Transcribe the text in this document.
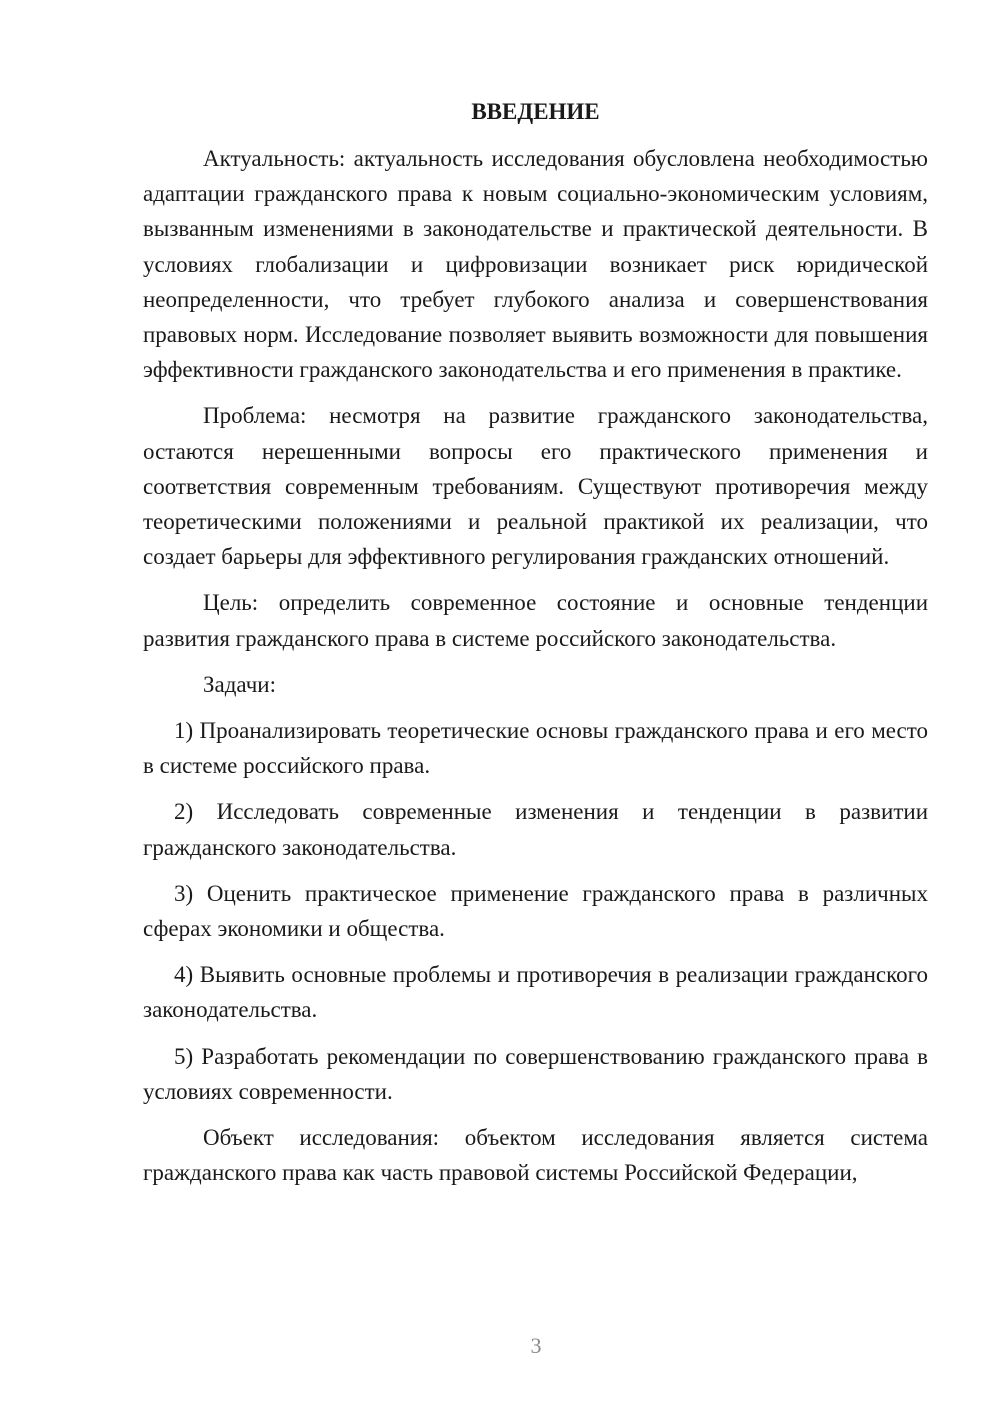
ВВЕДЕНИЕ

Актуальность: актуальность исследования обусловлена необходимостью адаптации гражданского права к новым социально-экономическим условиям, вызванным изменениями в законодательстве и практической деятельности. В условиях глобализации и цифровизации возникает риск юридической неопределенности, что требует глубокого анализа и совершенствования правовых норм. Исследование позволяет выявить возможности для повышения эффективности гражданского законодательства и его применения в практике.

Проблема: несмотря на развитие гражданского законодательства, остаются нерешенными вопросы его практического применения и соответствия современным требованиям. Существуют противоречия между теоретическими положениями и реальной практикой их реализации, что создает барьеры для эффективного регулирования гражданских отношений.

Цель: определить современное состояние и основные тенденции развития гражданского права в системе российского законодательства.

Задачи:

1) Проанализировать теоретические основы гражданского права и его место в системе российского права.

2) Исследовать современные изменения и тенденции в развитии гражданского законодательства.

3) Оценить практическое применение гражданского права в различных сферах экономики и общества.

4) Выявить основные проблемы и противоречия в реализации гражданского законодательства.

5) Разработать рекомендации по совершенствованию гражданского права в условиях современности.

Объект исследования: объектом исследования является система гражданского права как часть правовой системы Российской Федерации,

3
